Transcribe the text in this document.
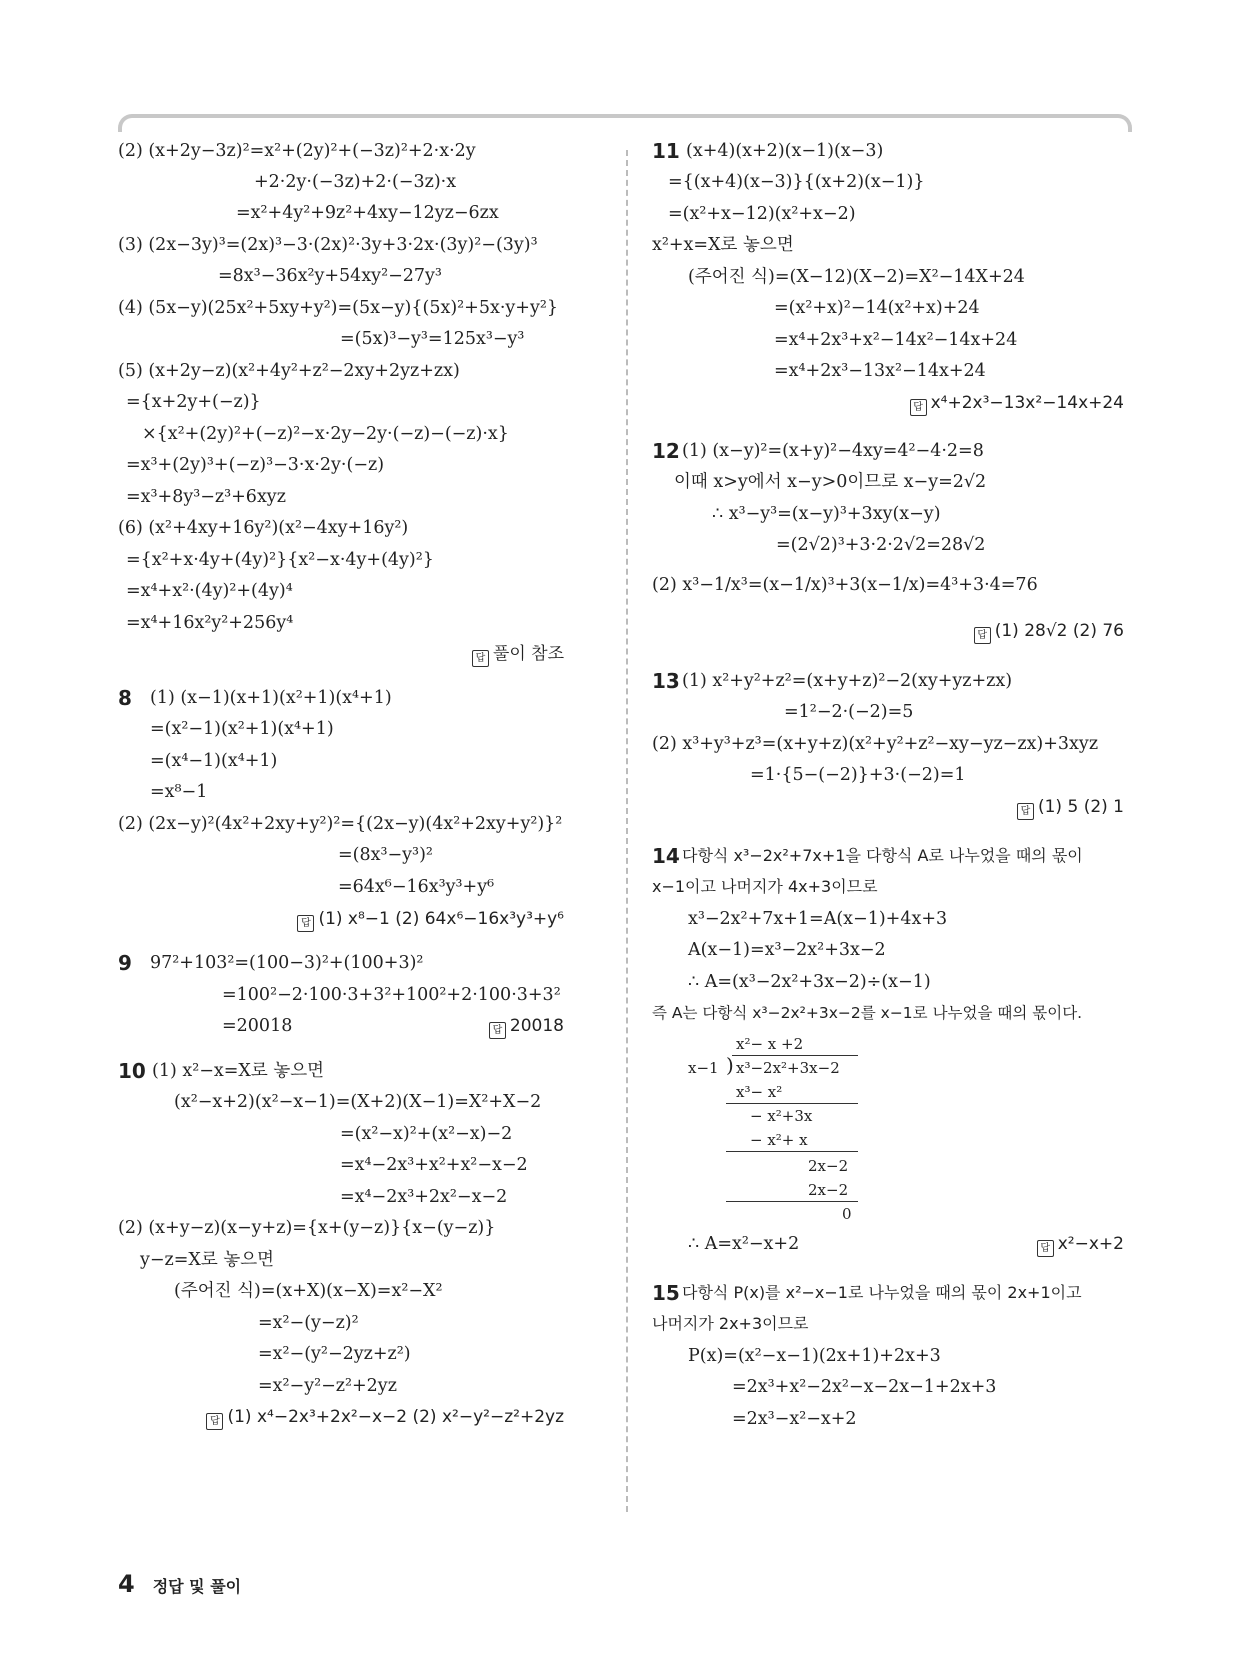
(2) (x+2y−3z)²=x²+(2y)²+(−3z)²+2·x·2y
+2·2y·(−3z)+2·(−3z)·x
=x²+4y²+9z²+4xy−12yz−6zx
(3) (2x−3y)³=(2x)³−3·(2x)²·3y+3·2x·(3y)²−(3y)³
=8x³−36x²y+54xy²−27y³
(4) (5x−y)(25x²+5xy+y²)=(5x−y){(5x)²+5x·y+y²}
=(5x)³−y³=125x³−y³
(5) (x+2y−z)(x²+4y²+z²−2xy+2yz+zx)
={x+2y+(−z)}
×{x²+(2y)²+(−z)²−x·2y−2y·(−z)−(−z)·x}
=x³+(2y)³+(−z)³−3·x·2y·(−z)
=x³+8y³−z³+6xyz
(6) (x²+4xy+16y²)(x²−4xy+16y²)
={x²+x·4y+(4y)²}{x²−x·4y+(4y)²}
=x⁴+x²·(4y)²+(4y)⁴
=x⁴+16x²y²+256y⁴
답 풀이 참조
8 (1) (x−1)(x+1)(x²+1)(x⁴+1)
=(x²−1)(x²+1)(x⁴+1)
=(x⁴−1)(x⁴+1)
=x⁸−1
(2) (2x−y)²(4x²+2xy+y²)²={(2x−y)(4x²+2xy+y²)}²
=(8x³−y³)²
=64x⁶−16x³y³+y⁶
답 (1) x⁸−1 (2) 64x⁶−16x³y³+y⁶
9 97²+103²=(100−3)²+(100+3)²
=100²−2·100·3+3²+100²+2·100·3+3²
=20018	답 20018
10 (1) x²−x=X로 놓으면
(x²−x+2)(x²−x−1)=(X+2)(X−1)=X²+X−2
=(x²−x)²+(x²−x)−2
=x⁴−2x³+x²+x²−x−2
=x⁴−2x³+2x²−x−2
(2) (x+y−z)(x−y+z)={x+(y−z)}{x−(y−z)}
y−z=X로 놓으면
(주어진 식)=(x+X)(x−X)=x²−X²
=x²−(y−z)²
=x²−(y²−2yz+z²)
=x²−y²−z²+2yz
답 (1) x⁴−2x³+2x²−x−2 (2) x²−y²−z²+2yz
11 (x+4)(x+2)(x−1)(x−3)
={(x+4)(x−3)}{(x+2)(x−1)}
=(x²+x−12)(x²+x−2)
x²+x=X로 놓으면
(주어진 식)=(X−12)(X−2)=X²−14X+24
=(x²+x)²−14(x²+x)+24
=x⁴+2x³+x²−14x²−14x+24
=x⁴+2x³−13x²−14x+24
답 x⁴+2x³−13x²−14x+24
12 (1) (x−y)²=(x+y)²−4xy=4²−4·2=8
이때 x>y에서 x−y>0이므로 x−y=2√2
∴ x³−y³=(x−y)³+3xy(x−y)
=(2√2)³+3·2·2√2=28√2
(2) x³−1/x³=(x−1/x)³+3(x−1/x)=4³+3·4=76
답 (1) 28√2 (2) 76
13 (1) x²+y²+z²=(x+y+z)²−2(xy+yz+zx)
=1²−2·(−2)=5
(2) x³+y³+z³=(x+y+z)(x²+y²+z²−xy−yz−zx)+3xyz
=1·{5−(−2)}+3·(−2)=1
답 (1) 5 (2) 1
14 다항식 x³−2x²+7x+1을 다항식 A로 나누었을 때의 몫이
x−1이고 나머지가 4x+3이므로
x³−2x²+7x+1=A(x−1)+4x+3
A(x−1)=x³−2x²+3x−2
∴ A=(x³−2x²+3x−2)÷(x−1)
즉 A는 다항식 x³−2x²+3x−2를 x−1로 나누었을 때의 몫이다.
x²− x +2
x−1 x³−2x²+3x−2
)
x³− x²
− x²+3x
− x²+ x
2x−2
2x−2
0
∴ A=x²−x+2	답 x²−x+2
15 다항식 P(x)를 x²−x−1로 나누었을 때의 몫이 2x+1이고
나머지가 2x+3이므로
P(x)=(x²−x−1)(2x+1)+2x+3
=2x³+x²−2x²−x−2x−1+2x+3
=2x³−x²−x+2
4 정답 및 풀이
